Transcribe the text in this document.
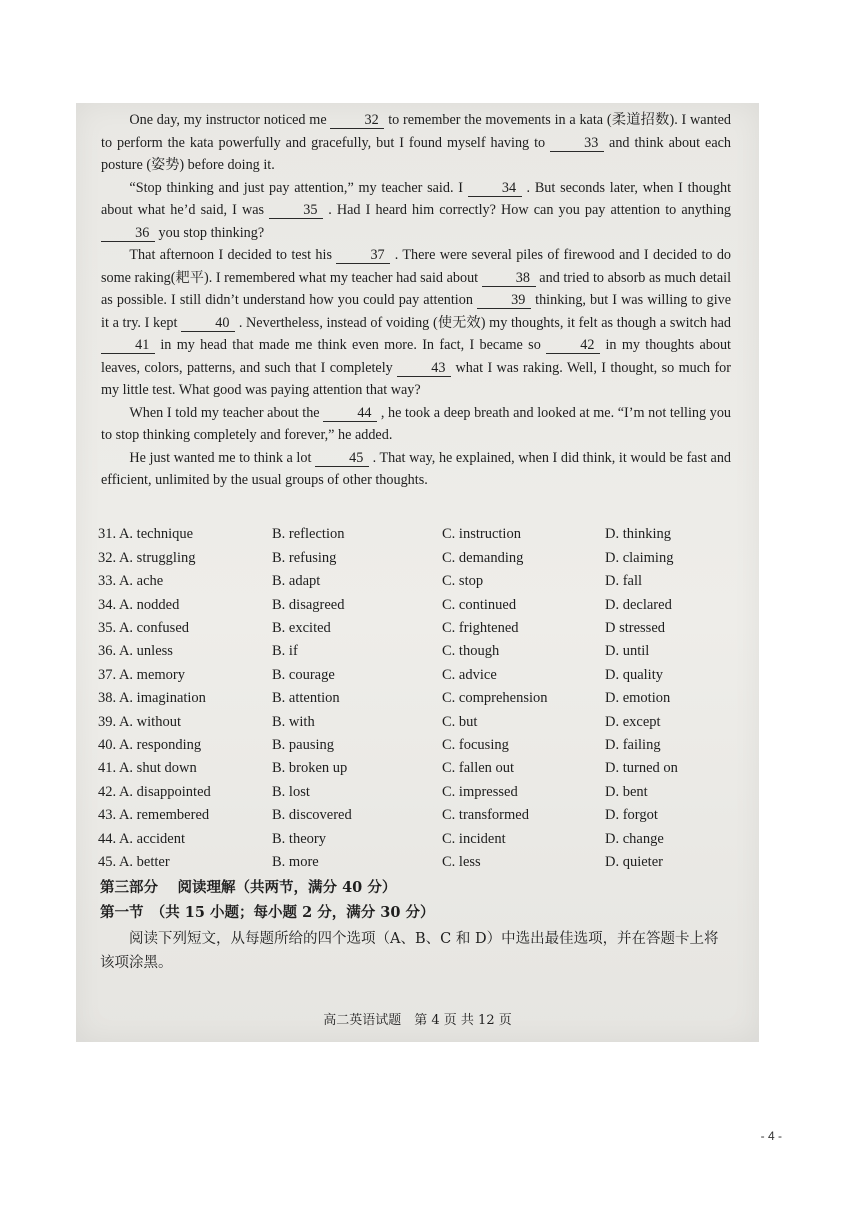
One day, my instructor noticed me	32 to remember the movements in a kata (柔道招数). I wanted to perform the kata powerfully and gracefully, but I found myself having to	33 and think about each posture (姿势) before doing it.

“Stop thinking and just pay attention,” my teacher said. I	34 . But seconds later, when I thought about what he’d said, I was	35 . Had I heard him correctly? How can you pay attention to anything 36 you stop thinking?

That afternoon I decided to test his	37 . There were several piles of firewood and I decided to do some raking(耙平). I remembered what my teacher had said about	38 and tried to absorb as much detail as possible. I still didn’t understand how you could pay attention	39 thinking, but I was willing to give it a try. I kept	40 . Nevertheless, instead of voiding (使无效) my thoughts, it felt as though a switch had 41 in my head that made me think even more. In fact, I became so	42 in my thoughts about leaves, colors, patterns, and such that I completely	43 what I was raking. Well, I thought, so much for my little test. What good was paying attention that way?

When I told my teacher about the	44 , he took a deep breath and looked at me. “I’m not telling you to stop thinking completely and forever,” he added.

He just wanted me to think a lot	45 . That way, he explained, when I did think, it would be fast and efficient, unlimited by the usual groups of other thoughts.

31. A. technique	B. reflection	C. instruction	D. thinking
32. A. struggling	B. refusing	C. demanding	D. claiming
33. A. ache	B. adapt	C. stop	D. fall
34. A. nodded	B. disagreed	C. continued	D. declared
35. A. confused	B. excited	C. frightened	D stressed
36. A. unless	B. if	C. though	D. until
37. A. memory	B. courage	C. advice	D. quality
38. A. imagination	B. attention	C. comprehension	D. emotion
39. A. without	B. with	C. but	D. except
40. A. responding	B. pausing	C. focusing	D. failing
41. A. shut down	B. broken up	C. fallen out	D. turned on
42. A. disappointed	B. lost	C. impressed	D. bent
43. A. remembered	B. discovered	C. transformed	D. forgot
44. A. accident	B. theory	C. incident	D. change
45. A. better	B. more	C. less	D. quieter
第三部分　 阅读理解（共两节，满分 40 分）
第一节　（共 15 小题；每小题 2 分，满分 30 分）
阅读下列短文，从每题所给的四个选项（A、B、C 和 D）中选出最佳选项，并在答题卡上将该项涂黑。
高二英语试题　第 4 页 共 12 页
- 4 -
